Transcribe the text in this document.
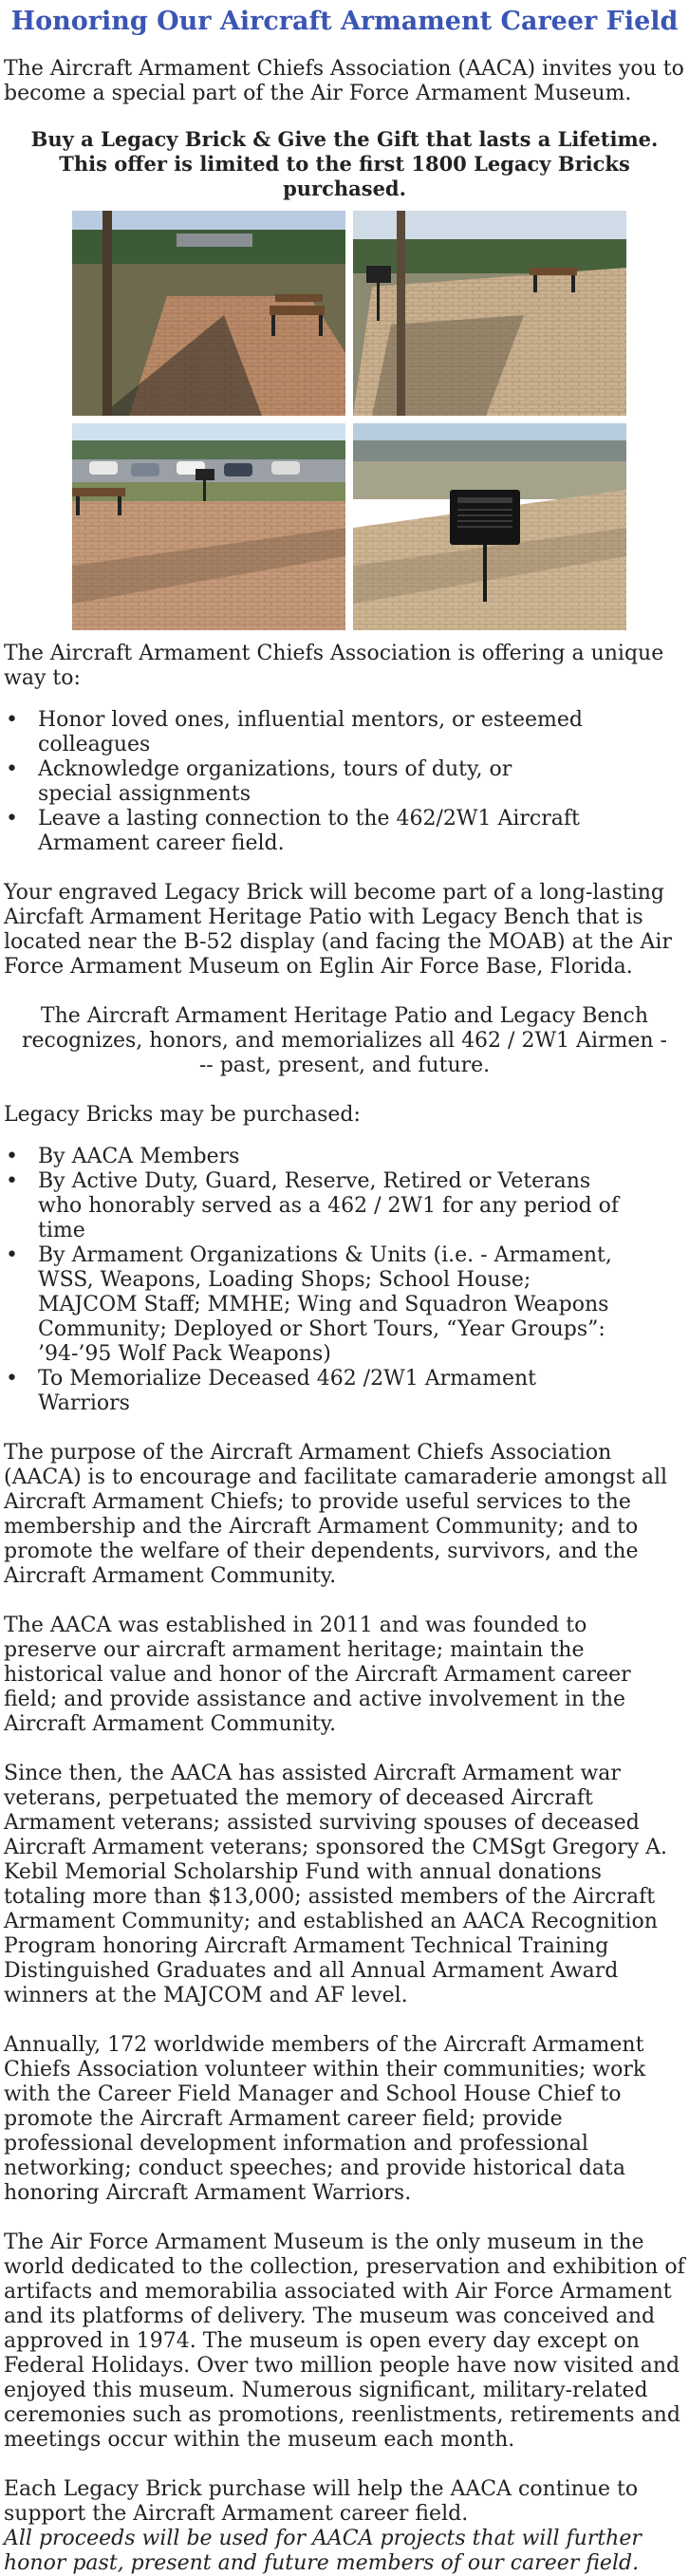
Honoring Our Aircraft Armament Career Field

The Aircraft Armament Chiefs Association (AACA) invites you to become a special part of the Air Force Armament Museum.

Buy a Legacy Brick & Give the Gift that lasts a Lifetime.
This offer is limited to the first 1800 Legacy Bricks purchased.

The Aircraft Armament Chiefs Association is offering a unique way to:

• Honor loved ones, influential mentors, or esteemed colleagues
• Acknowledge organizations, tours of duty, or special assignments
• Leave a lasting connection to the 462/2W1 Aircraft Armament career field.

Your engraved Legacy Brick will become part of a long-lasting Aircfaft Armament Heritage Patio with Legacy Bench that is located near the B-52 display (and facing the MOAB) at the Air Force Armament Museum on Eglin Air Force Base, Florida.

The Aircraft Armament Heritage Patio and Legacy Bench recognizes, honors, and memorializes all 462 / 2W1 Airmen --- past, present, and future.

Legacy Bricks may be purchased:

• By AACA Members
• By Active Duty, Guard, Reserve, Retired or Veterans who honorably served as a 462 / 2W1 for any period of time
• By Armament Organizations & Units (i.e. - Armament, WSS, Weapons, Loading Shops; School House; MAJCOM Staff; MMHE; Wing and Squadron Weapons Community; Deployed or Short Tours, “Year Groups”: ’94-’95 Wolf Pack Weapons)
• To Memorialize Deceased 462 /2W1 Armament Warriors

The purpose of the Aircraft Armament Chiefs Association (AACA) is to encourage and facilitate camaraderie amongst all Aircraft Armament Chiefs; to provide useful services to the membership and the Aircraft Armament Community; and to promote the welfare of their dependents, survivors, and the Aircraft Armament Community.

The AACA was established in 2011 and was founded to preserve our aircraft armament heritage; maintain the historical value and honor of the Aircraft Armament career field; and provide assistance and active involvement in the Aircraft Armament Community.

Since then, the AACA has assisted Aircraft Armament war veterans, perpetuated the memory of deceased Aircraft Armament veterans; assisted surviving spouses of deceased Aircraft Armament veterans; sponsored the CMSgt Gregory A. Kebil Memorial Scholarship Fund with annual donations totaling more than $13,000; assisted members of the Aircraft Armament Community; and established an AACA Recognition Program honoring Aircraft Armament Technical Training Distinguished Graduates and all Annual Armament Award winners at the MAJCOM and AF level.

Annually, 172 worldwide members of the Aircraft Armament Chiefs Association volunteer within their communities; work with the Career Field Manager and School House Chief to promote the Aircraft Armament career field; provide professional development information and professional networking; conduct speeches; and provide historical data honoring Aircraft Armament Warriors.

The Air Force Armament Museum is the only museum in the world dedicated to the collection, preservation and exhibition of artifacts and memorabilia associated with Air Force Armament and its platforms of delivery. The museum was conceived and approved in 1974. The museum is open every day except on Federal Holidays. Over two million people have now visited and enjoyed this museum. Numerous significant, military-related ceremonies such as promotions, reenlistments, retirements and meetings occur within the museum each month.

Each Legacy Brick purchase will help the AACA continue to support the Aircraft Armament career field.

All proceeds will be used for AACA projects that will further honor past, present and future members of our career field.
